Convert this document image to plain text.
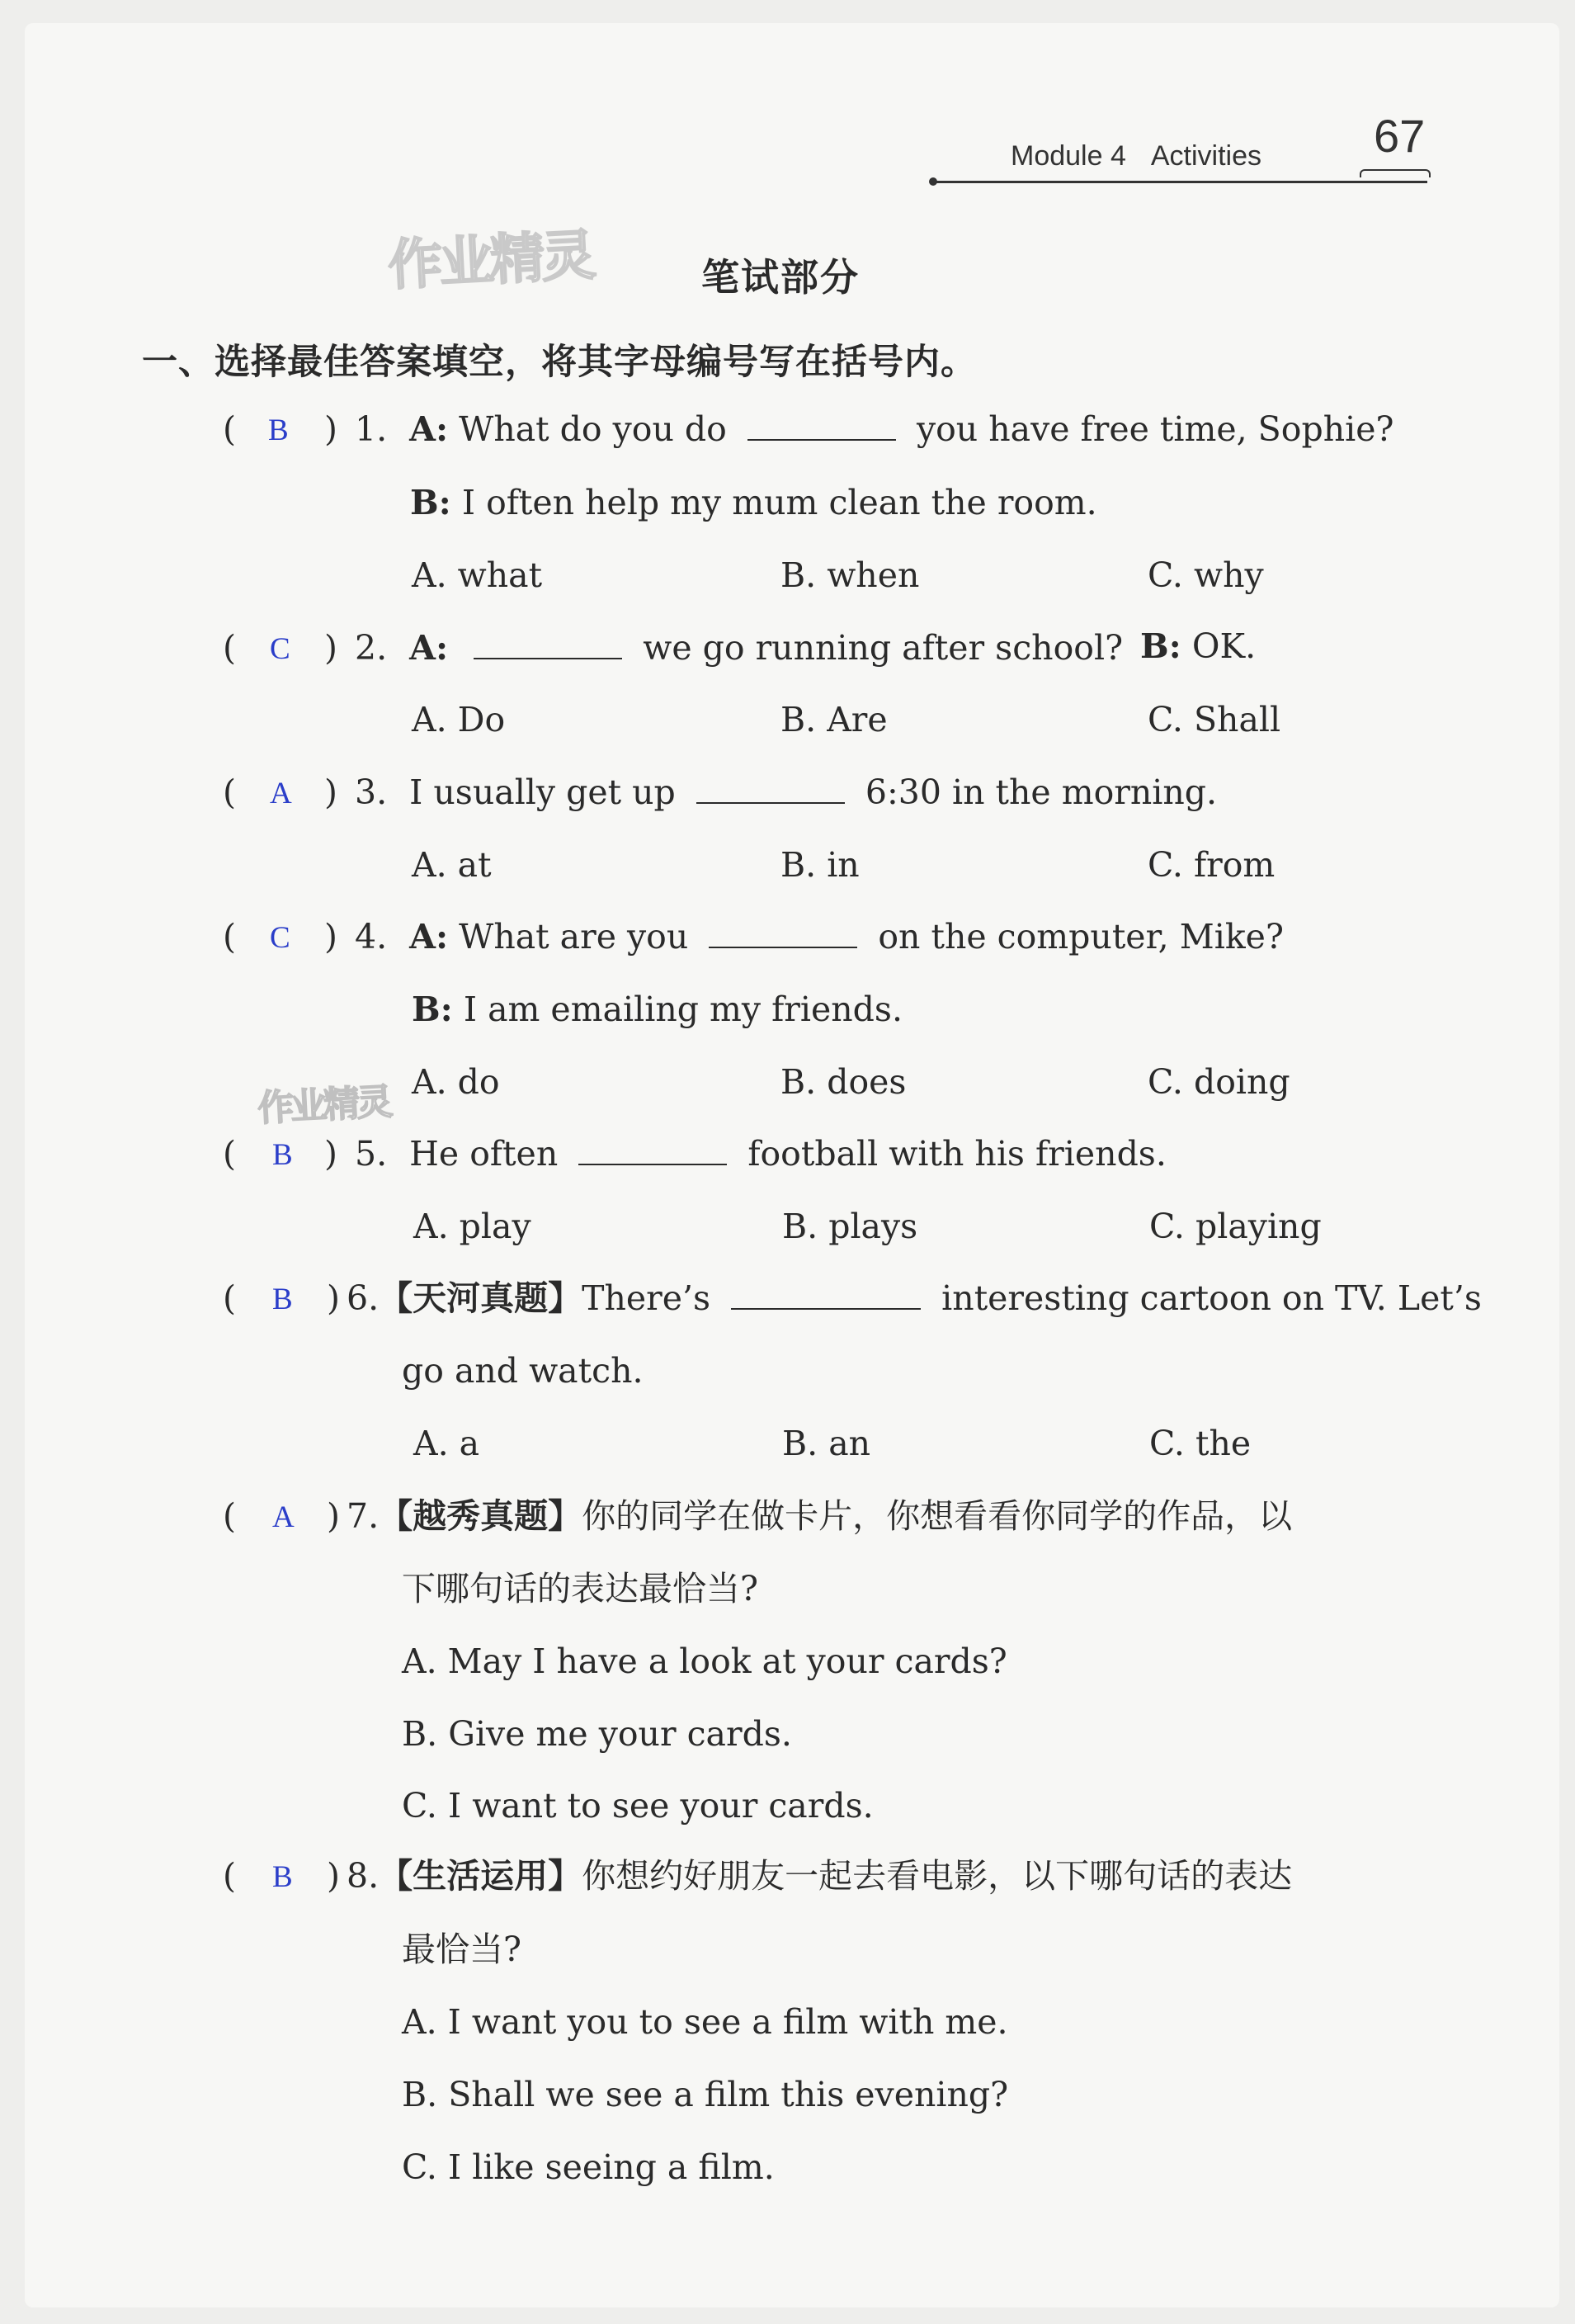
Module 4 Activities 67
作业精灵
作业精灵
笔试部分
一、选择最佳答案填空，将其字母编号写在括号内。
( B ) 1. A: What do you do	you have free time, Sophie?
B: I often help my mum clean the room.
A. what	B. when	C. why
( C ) 2. A:	we go running after school? B: OK.
A. Do	B. Are	C. Shall
( A ) 3. I usually get up	6:30 in the morning.
A. at	B. in	C. from
( C ) 4. A: What are you	on the computer, Mike?
B: I am emailing my friends.
A. do	B. does	C. doing
( B ) 5. He often	football with his friends.
A. play	B. plays	C. playing
( B ) 6.【天河真题】There’s	interesting cartoon on TV. Let’s
go and watch.
A. a	B. an	C. the
( A ) 7.【越秀真题】你的同学在做卡片，你想看看你同学的作品，以
下哪句话的表达最恰当?
A. May I have a look at your cards?
B. Give me your cards.
C. I want to see your cards.
( B ) 8.【生活运用】你想约好朋友一起去看电影，以下哪句话的表达
最恰当?
A. I want you to see a film with me.
B. Shall we see a film this evening?
C. I like seeing a film.
